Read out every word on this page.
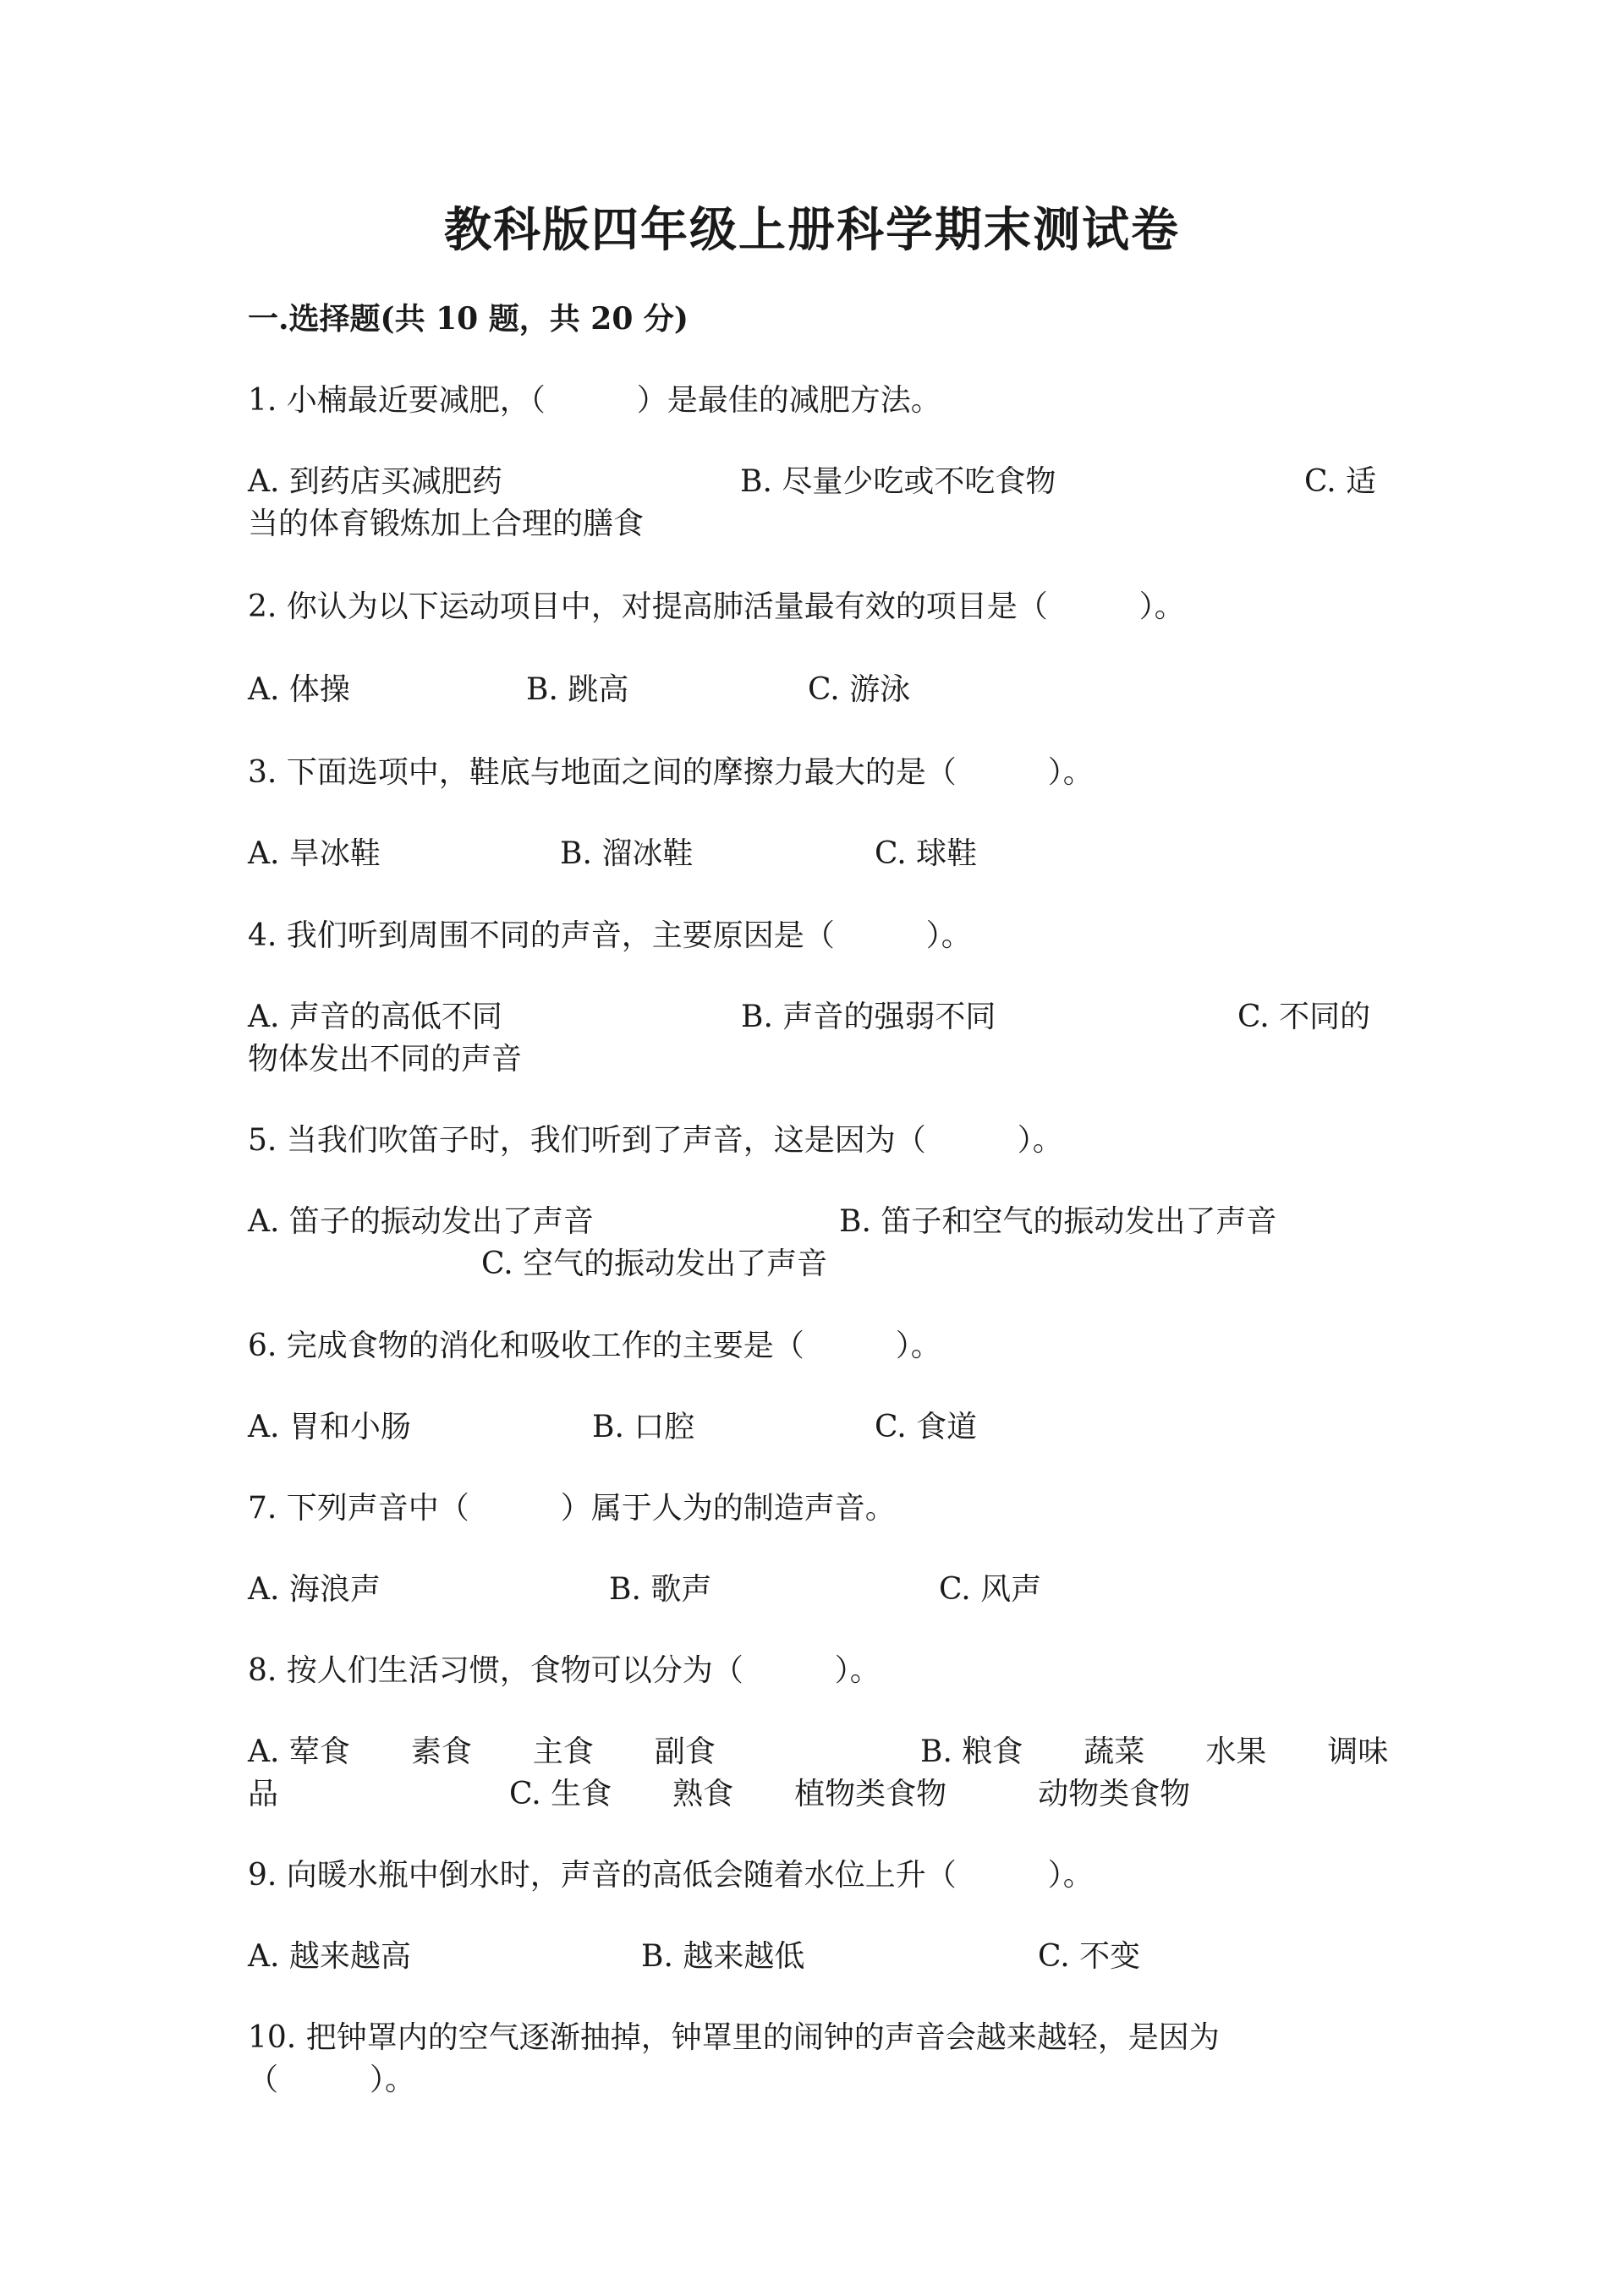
教科版四年级上册科学期末测试卷
一.选择题(共 10 题，共 20 分)
1. 小楠最近要减肥，（　　　）是最佳的减肥方法。
A. 到药店买减肥药	B. 尽量少吃或不吃食物	C. 适
当的体育锻炼加上合理的膳食
2. 你认为以下运动项目中，对提高肺活量最有效的项目是（　　　）。
A. 体操	B. 跳高	C. 游泳
3. 下面选项中，鞋底与地面之间的摩擦力最大的是（　　　）。
A. 旱冰鞋	B. 溜冰鞋	C. 球鞋
4. 我们听到周围不同的声音，主要原因是（　　　）。
A. 声音的高低不同	B. 声音的强弱不同	C. 不同的
物体发出不同的声音
5. 当我们吹笛子时，我们听到了声音，这是因为（　　　）。
A. 笛子的振动发出了声音	B. 笛子和空气的振动发出了声音
C. 空气的振动发出了声音
6. 完成食物的消化和吸收工作的主要是（　　　）。
A. 胃和小肠	B. 口腔	C. 食道
7. 下列声音中（　　　）属于人为的制造声音。
A. 海浪声	B. 歌声	C. 风声
8. 按人们生活习惯，食物可以分为（　　　）。
A. 荤食　　素食　　主食　　副食	B. 粮食　　蔬菜　　水果　　调味
品	C. 生食　　熟食　　植物类食物　　　动物类食物
9. 向暖水瓶中倒水时，声音的高低会随着水位上升（　　　）。
A. 越来越高	B. 越来越低	C. 不变
10. 把钟罩内的空气逐渐抽掉，钟罩里的闹钟的声音会越来越轻，是因为
（　　　）。
